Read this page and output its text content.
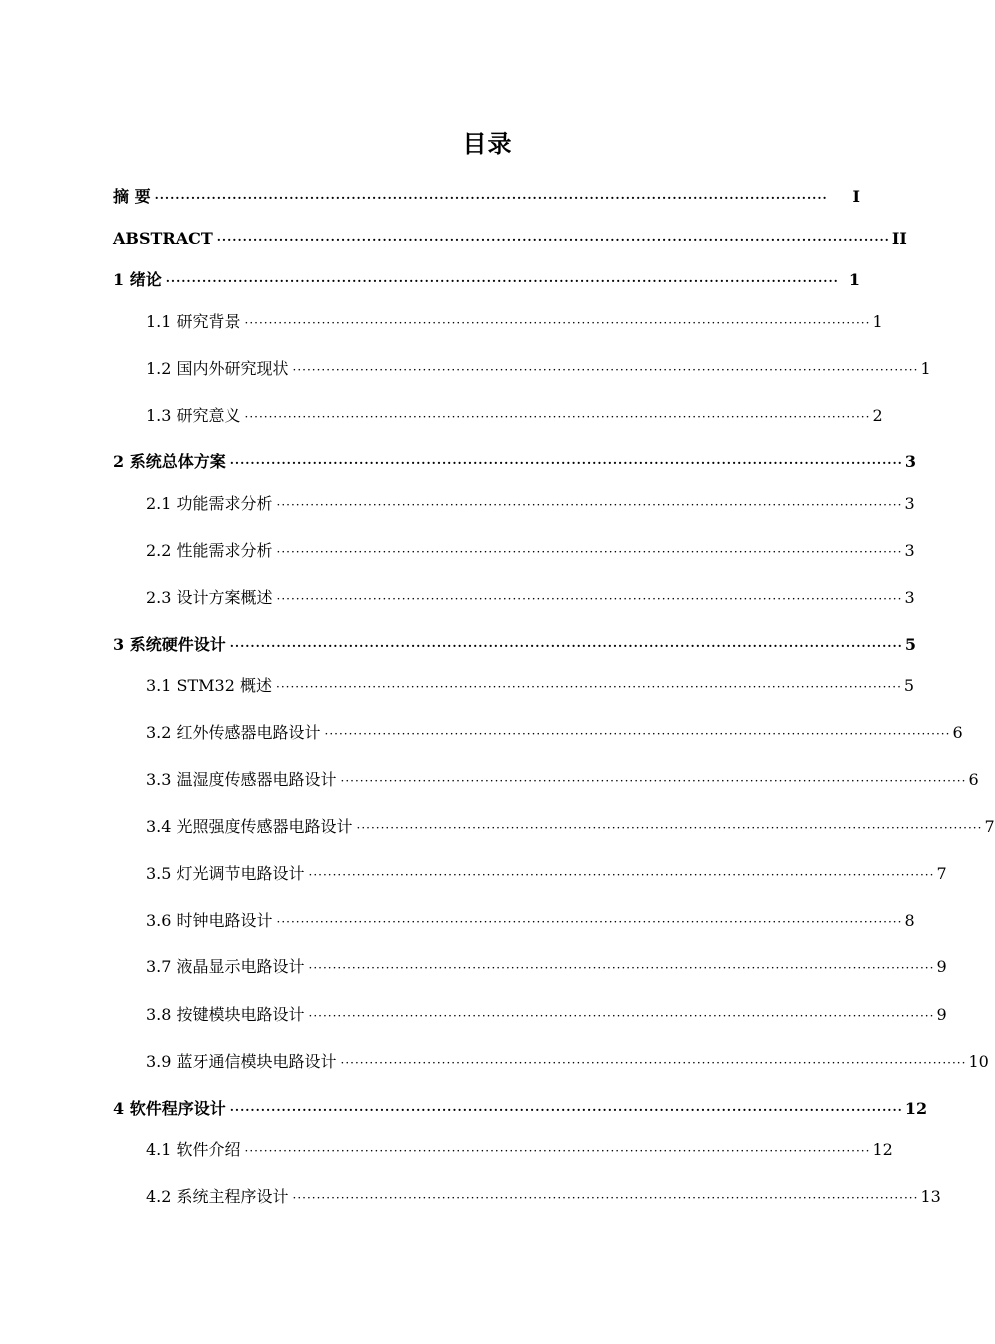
目录
摘 要 ··································································································································	I
ABSTRACT ·································································································································· II
1 绪论 ·································································································································· 1
1.1 研究背景 ·································································································································· 1
1.2 国内外研究现状 ·································································································································· 1
1.3 研究意义 ·································································································································· 2
2 系统总体方案 ·································································································································· 3
2.1 功能需求分析 ·································································································································· 3
2.2 性能需求分析 ·································································································································· 3
2.3 设计方案概述 ·································································································································· 3
3 系统硬件设计 ·································································································································· 5
3.1 STM32 概述 ·································································································································· 5
3.2 红外传感器电路设计 ·································································································································· 6
3.3 温湿度传感器电路设计 ·································································································································· 6
3.4 光照强度传感器电路设计 ·································································································································· 7
3.5 灯光调节电路设计 ·································································································································· 7
3.6 时钟电路设计 ·································································································································· 8
3.7 液晶显示电路设计 ·································································································································· 9
3.8 按键模块电路设计 ·································································································································· 9
3.9 蓝牙通信模块电路设计 ·································································································································· 10
4 软件程序设计 ·································································································································· 12
4.1 软件介绍 ·································································································································· 12
4.2 系统主程序设计 ·································································································································· 13
